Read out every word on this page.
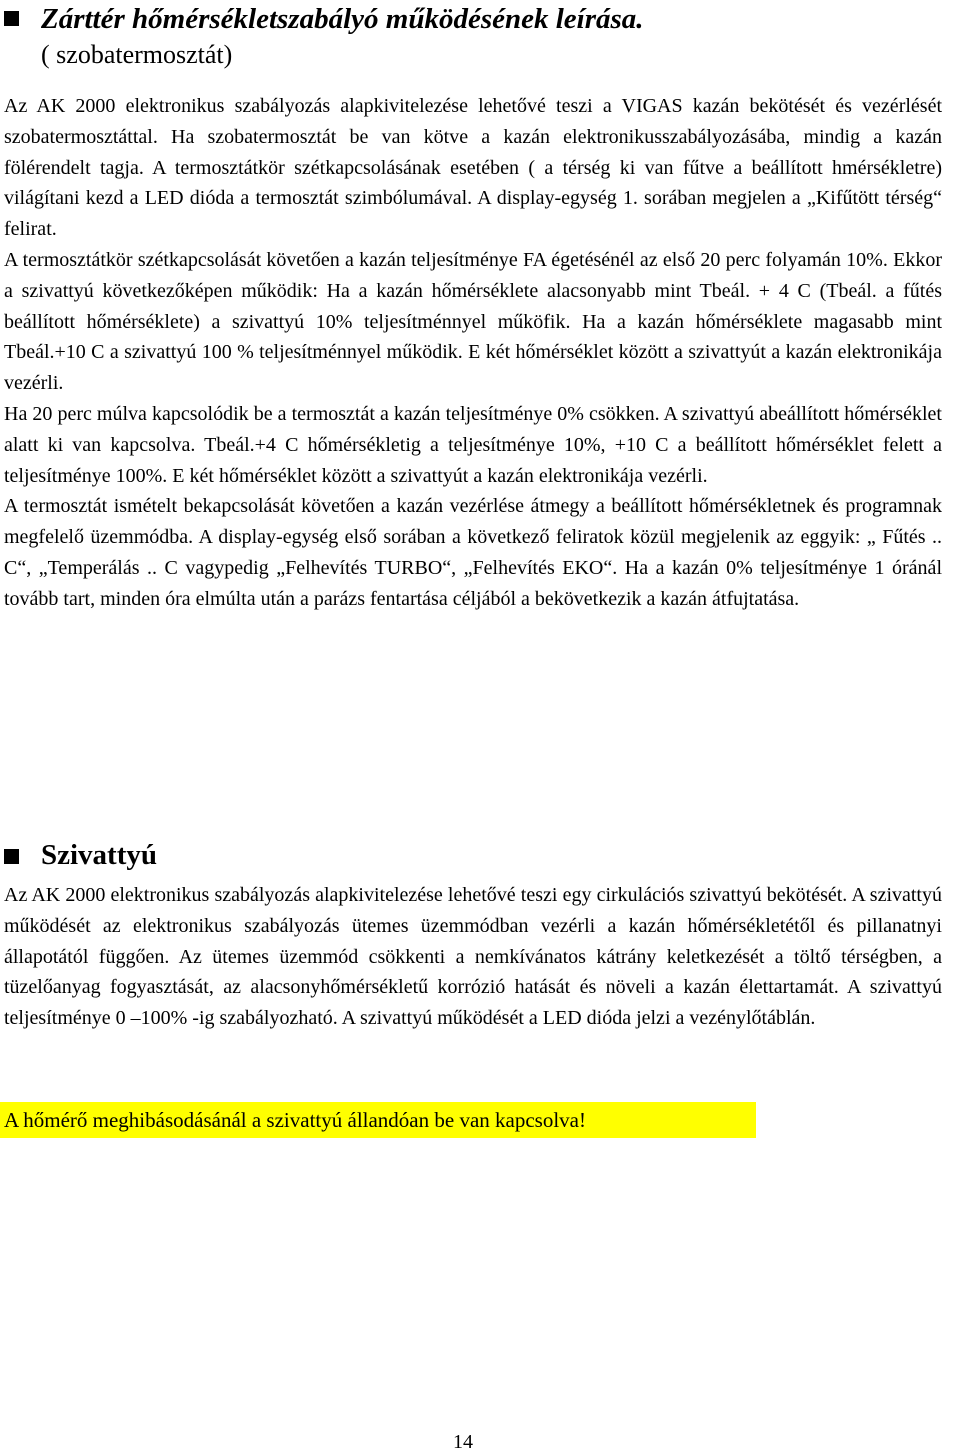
Zárttér hőmérsékletszabályó működésének leírása.
( szobatermosztát)

Az AK 2000 elektronikus szabályozás alapkivitelezése lehetővé teszi a VIGAS kazán bekötését és vezérlését szobatermosztáttal. Ha szobatermosztát be van kötve a kazán elektronikusszabályozásába, mindig a kazán fölérendelt tagja. A termosztátkör szétkapcsolásának esetében ( a térség ki van fűtve a beállított hmérsékletre) világítani kezd a LED dióda a termosztát szimbólumával. A display-egység 1. sorában megjelen a „Kifűtött térség“ felirat.

A termosztátkör szétkapcsolását követően a kazán teljesítménye FA égetésénél az első 20 perc folyamán 10%. Ekkor a szivattyú következőképen működik: Ha a kazán hőmérséklete alacsonyabb mint Tbeál. + 4 C (Tbeál. a fűtés beállított hőmérséklete) a szivattyú 10% teljesítménnyel műköfik. Ha a kazán hőmérséklete magasabb mint Tbeál.+10 C a szivattyú 100 % teljesítménnyel működik. E két hőmérséklet között a szivattyút a kazán elektronikája vezérli.

Ha 20 perc múlva kapcsolódik be a termosztát a kazán teljesítménye 0% csökken. A szivattyú abeállított hőmérséklet alatt ki van kapcsolva. Tbeál.+4 C hőmérsékletig a teljesítménye 10%, +10 C a beállított hőmérséklet felett a teljesítménye 100%. E két hőmérséklet között a szivattyút a kazán elektronikája vezérli.

A termosztát ismételt bekapcsolását követően a kazán vezérlése átmegy a beállított hőmérsékletnek és programnak megfelelő üzemmódba. A display-egység első sorában a következő feliratok közül megjelenik az eggyik: „ Fűtés .. C“, „Temperálás .. C vagypedig „Felhevítés TURBO“, „Felhevítés EKO“. Ha a kazán 0% teljesítménye 1 óránál tovább tart, minden óra elmúlta után a parázs fentartása céljából a bekövetkezik a kazán átfujtatása.

Szivattyú

Az AK 2000 elektronikus szabályozás alapkivitelezése lehetővé teszi egy cirkulációs szivattyú bekötését. A szivattyú működését az elektronikus szabályozás ütemes üzemmódban vezérli a kazán hőmérsékletétől és pillanatnyi állapotától függően. Az ütemes üzemmód csökkenti a nemkívánatos kátrány keletkezését a töltő térségben, a tüzelőanyag fogyasztását, az alacsonyhőmérsékletű korrózió hatását és növeli a kazán élettartamát. A szivattyú teljesítménye 0 –100% -ig szabályozható. A szivattyú működését a LED dióda jelzi a vezénylőtáblán.

A hőmérő meghibásodásánál a szivattyú állandóan be van kapcsolva!
14
